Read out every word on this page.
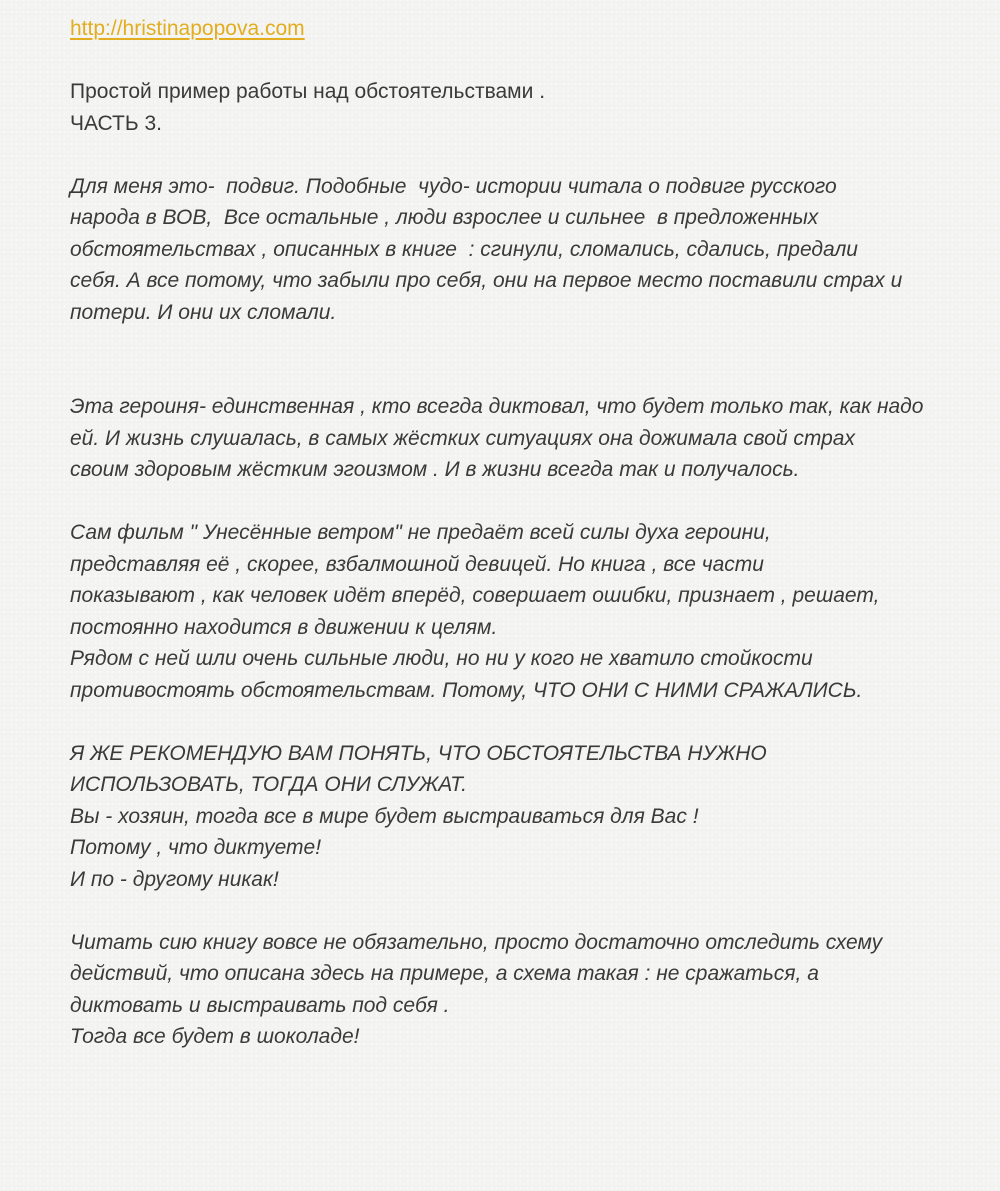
http://hristinapopova.com

Простой пример работы над обстоятельствами .

ЧАСТЬ 3.

Для меня это-  подвиг. Подобные  чудо- истории читала о подвиге русского

народа в ВОВ,  Все остальные , люди взрослее и сильнее  в предложенных

обстоятельствах , описанных в книге  : сгинули, сломались, сдались, предали

себя. А все потому, что забыли про себя, они на первое место поставили страх и

потери. И они их сломали.

Эта героиня- единственная , кто всегда диктовал, что будет только так, как надо

ей. И жизнь слушалась, в самых жёстких ситуациях она дожимала свой страх

своим здоровым жёстким эгоизмом . И в жизни всегда так и получалось.

Сам фильм " Унесённые ветром" не предаёт всей силы духа героини,

представляя её , скорее, взбалмошной девицей. Но книга , все части

показывают , как человек идёт вперёд, совершает ошибки, признает , решает,

постоянно находится в движении к целям.

Рядом с ней шли очень сильные люди, но ни у кого не хватило стойкости

противостоять обстоятельствам. Потому, ЧТО ОНИ С НИМИ СРАЖАЛИСЬ.

Я ЖЕ РЕКОМЕНДУЮ ВАМ ПОНЯТЬ, ЧТО ОБСТОЯТЕЛЬСТВА НУЖНО

ИСПОЛЬЗОВАТЬ, ТОГДА ОНИ СЛУЖАТ.

Вы - хозяин, тогда все в мире будет выстраиваться для Вас !

Потому , что диктуете!

И по - другому никак!

Читать сию книгу вовсе не обязательно, просто достаточно отследить схему

действий, что описана здесь на примере, а схема такая : не сражаться, а

диктовать и выстраивать под себя .

Тогда все будет в шоколаде!
